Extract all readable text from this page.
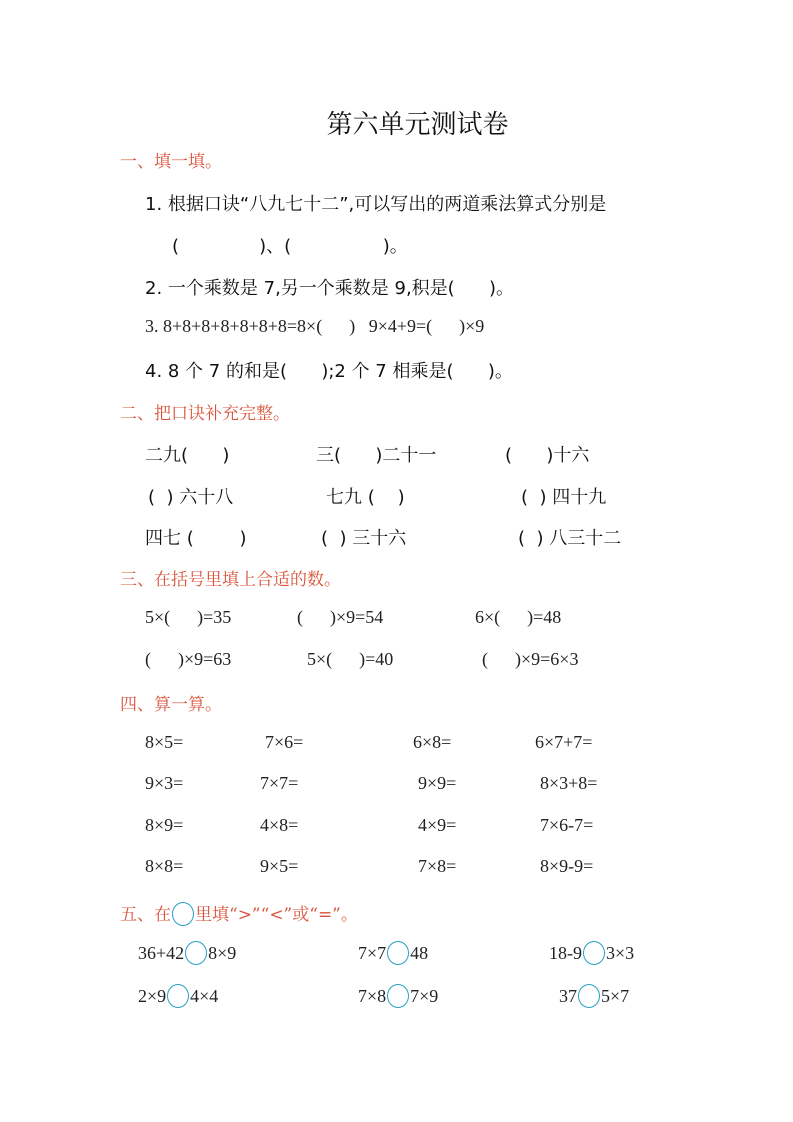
第六单元测试卷
一、填一填。
1. 根据口诀“八九七十二”,可以写出的两道乘法算式分别是
(              )、(                )。
2. 一个乘数是 7,另一个乘数是 9,积是(      )。
3. 8+8+8+8+8+8+8=8×(      )   9×4+9=(      )×9
4. 8 个 7 的和是(      );2 个 7 相乘是(      )。
二、把口诀补充完整。
二九(      )	三(      )二十一	(      )十六
(  ) 六十八	七九 (    )	(  ) 四十九
四七 (        )	(  ) 三十六	(  ) 八三十二
三、在括号里填上合适的数。
5×(      )=35	(      )×9=54	6×(      )=48
(      )×9=63	5×(      )=40	(      )×9=6×3
四、算一算。
8×5=	7×6=	6×8=	6×7+7=
9×3=	7×7=	9×9=	8×3+8=
8×9=	4×8=	4×9=	7×6-7=
8×8=	9×5=	7×8=	8×9-9=
五、在 里填“>”“<”或“=”。
36+42 8×9	7×7 48	18-9 3×3
2×9 4×4	7×8 7×9	37 5×7
